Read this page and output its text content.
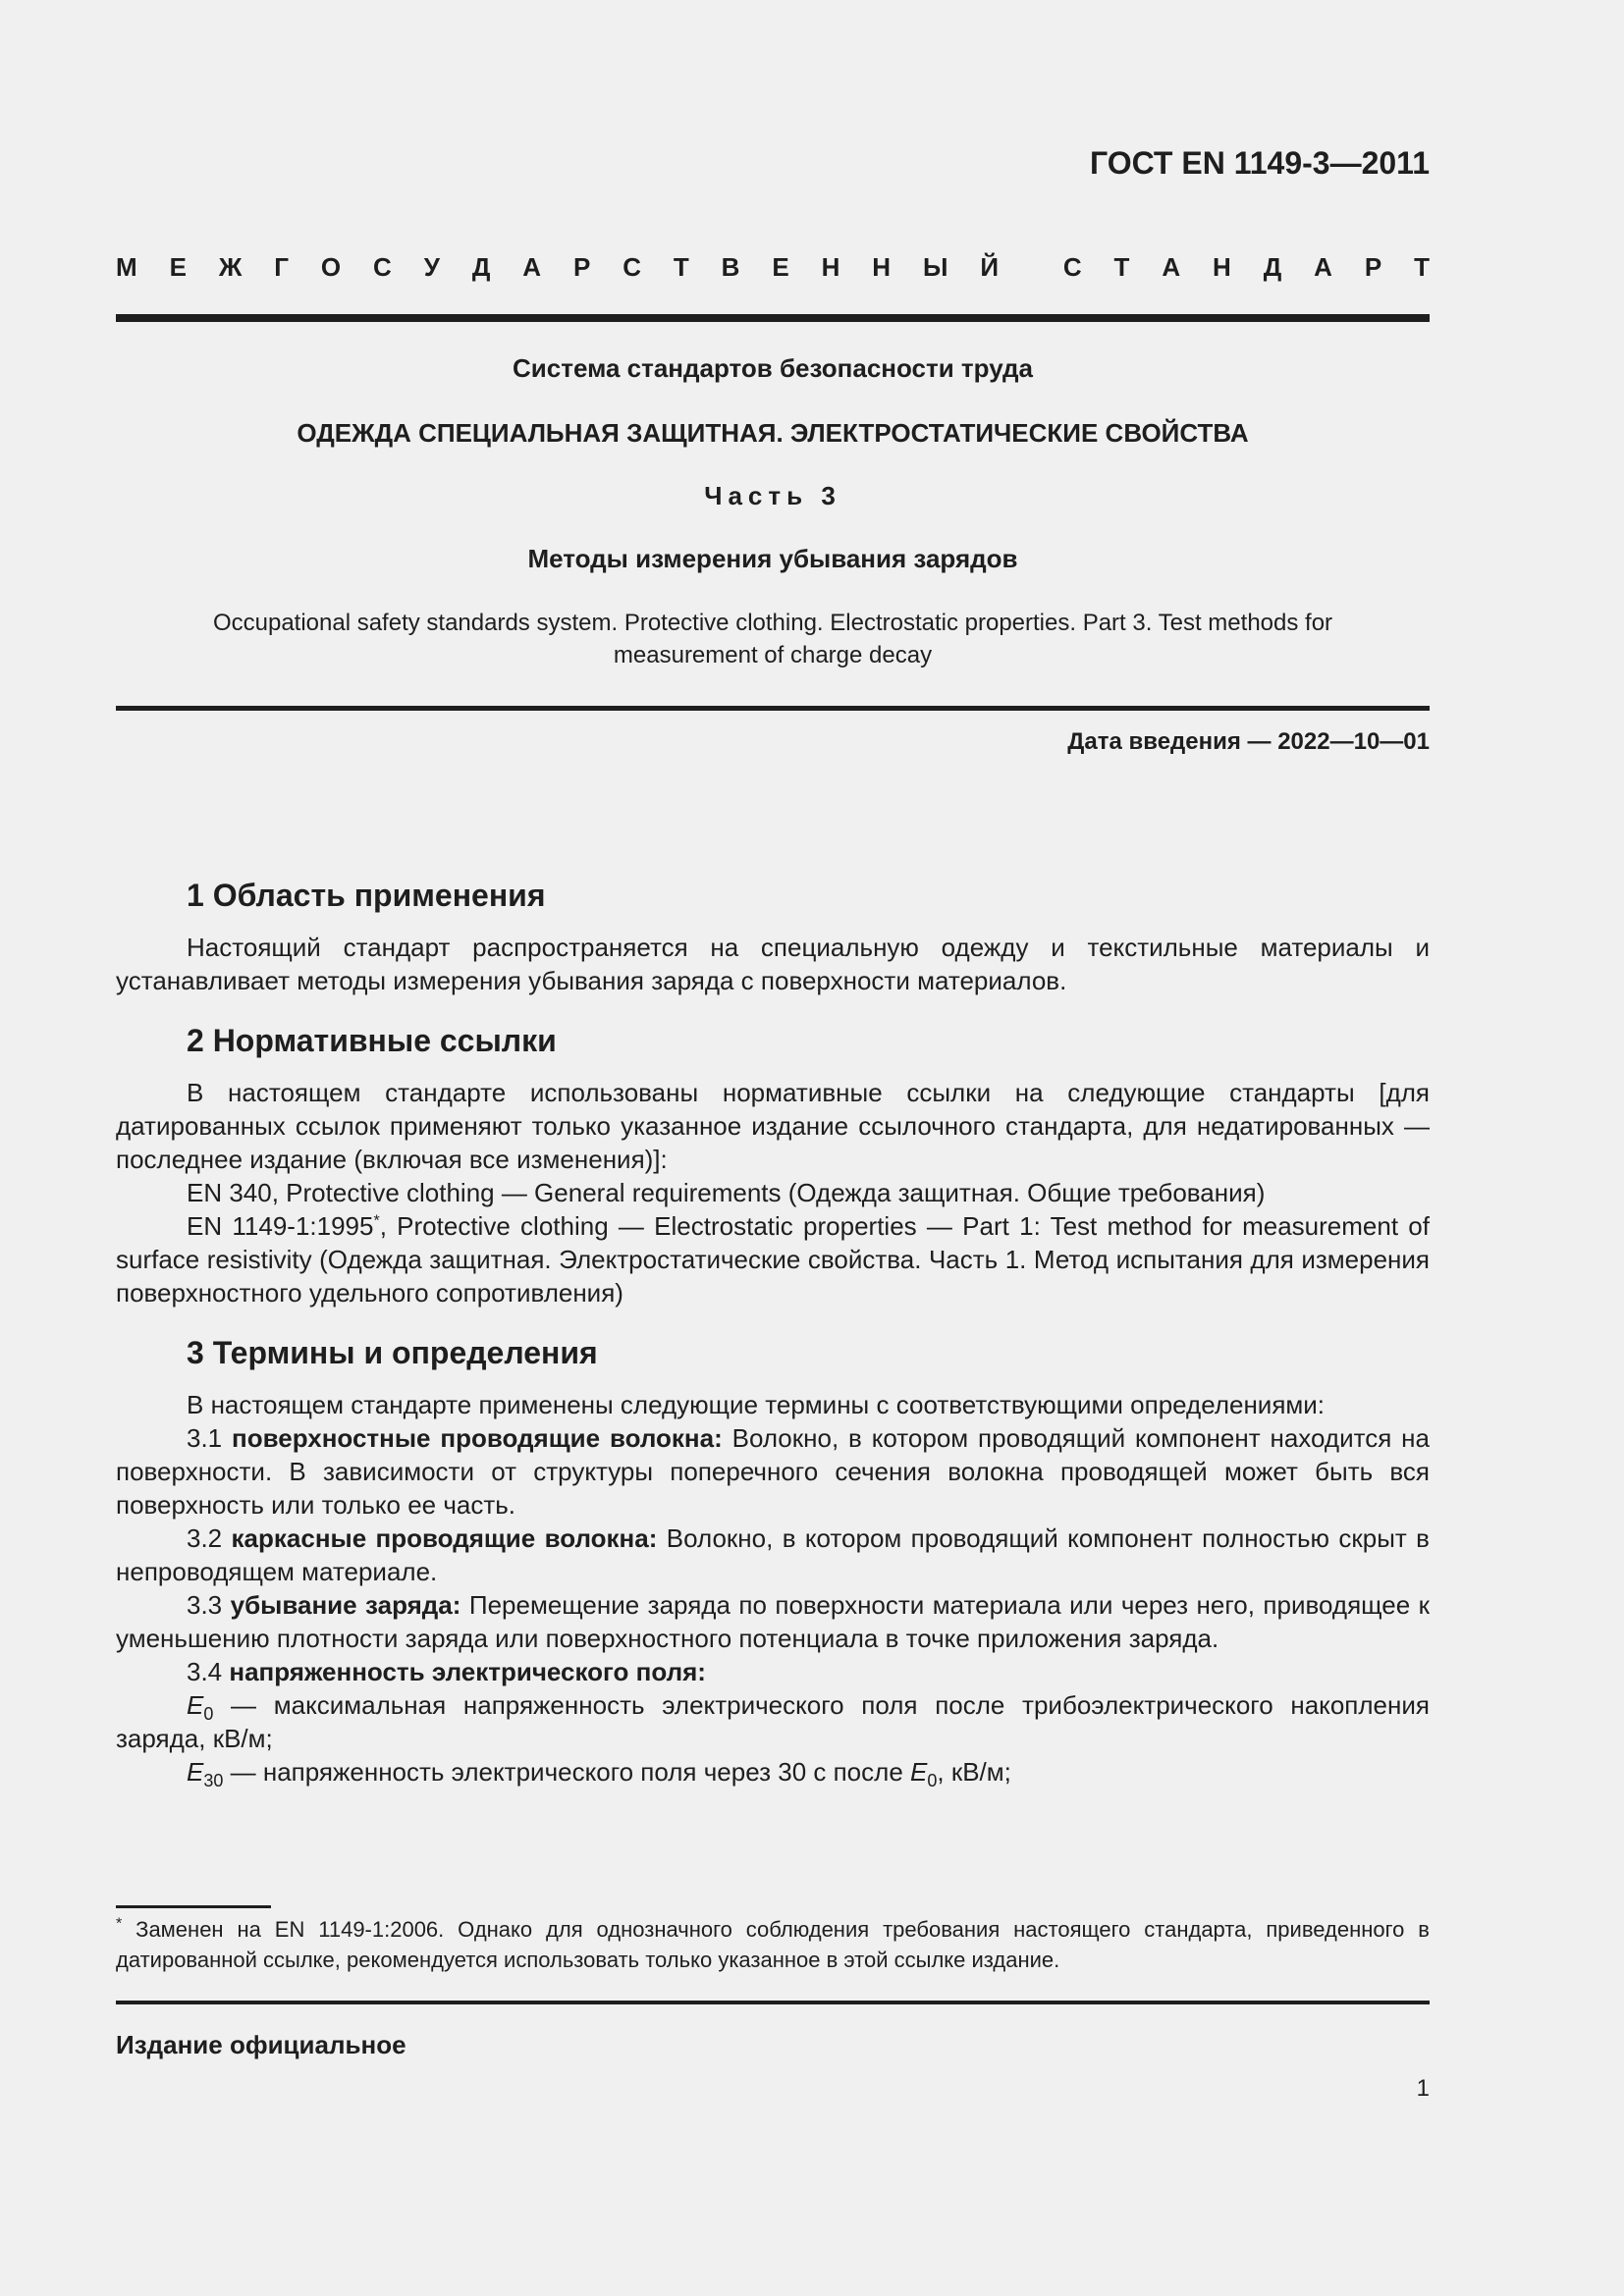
ГОСТ EN 1149-3—2011
М Е Ж Г О С У Д А Р С Т В Е Н Н Ы Й	С Т А Н Д А Р Т
Система стандартов безопасности труда
ОДЕЖДА СПЕЦИАЛЬНАЯ ЗАЩИТНАЯ. ЭЛЕКТРОСТАТИЧЕСКИЕ СВОЙСТВА
Часть 3
Методы измерения убывания зарядов
Occupational safety standards system. Protective clothing. Electrostatic properties. Part 3. Test methods for measurement of charge decay
Дата введения — 2022—10—01
1 Область применения

Настоящий стандарт распространяется на специальную одежду и текстильные материалы и устанавливает методы измерения убывания заряда с поверхности материалов.

2 Нормативные ссылки

В настоящем стандарте использованы нормативные ссылки на следующие стандарты [для датированных ссылок применяют только указанное издание ссылочного стандарта, для недатированных — последнее издание (включая все изменения)]:

EN 340, Protective clothing — General requirements (Одежда защитная. Общие требования)

EN 1149-1:1995*, Protective clothing — Electrostatic properties — Part 1: Test method for measurement of surface resistivity (Одежда защитная. Электростатические свойства. Часть 1. Метод испытания для измерения поверхностного удельного сопротивления)

3 Термины и определения

В настоящем стандарте применены следующие термины с соответствующими определениями:

3.1 поверхностные проводящие волокна: Волокно, в котором проводящий компонент находится на поверхности. В зависимости от структуры поперечного сечения волокна проводящей может быть вся поверхность или только ее часть.

3.2 каркасные проводящие волокна: Волокно, в котором проводящий компонент полностью скрыт в непроводящем материале.

3.3 убывание заряда: Перемещение заряда по поверхности материала или через него, приводящее к уменьшению плотности заряда или поверхностного потенциала в точке приложения заряда.

3.4 напряженность электрического поля:

$E_0$ — максимальная напряженность электрического поля после трибоэлектрического накопления заряда, кВ/м;

$E_{30}$ — напряженность электрического поля через 30 с после $E_0$, кВ/м;

* Заменен на EN 1149-1:2006. Однако для однозначного соблюдения требования настоящего стандарта, приведенного в датированной ссылке, рекомендуется использовать только указанное в этой ссылке издание.
Издание официальное
1
